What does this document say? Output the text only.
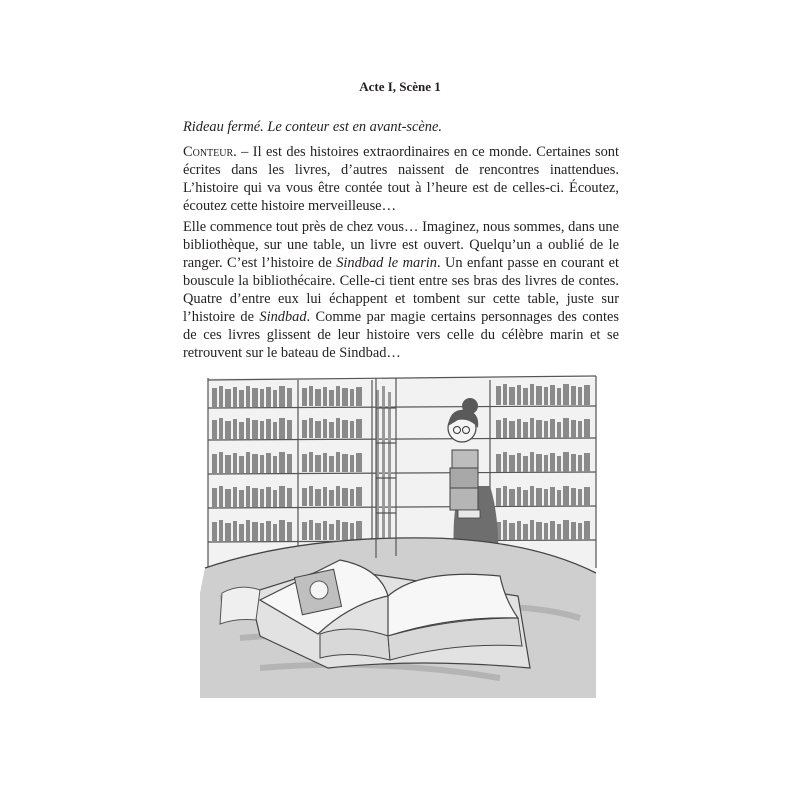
Acte I, Scène 1
Rideau fermé. Le conteur est en avant-scène.
Conteur. – Il est des histoires extraordinaires en ce monde. Certaines sont écrites dans les livres, d’autres naissent de rencontres inattendues. L’histoire qui va vous être contée tout à l’heure est de celles-ci. Écoutez, écoutez cette histoire merveilleuse…
Elle commence tout près de chez vous… Imaginez, nous sommes, dans une bibliothèque, sur une table, un livre est ouvert. Quelqu’un a oublié de le ranger. C’est l’histoire de Sindbad le marin. Un enfant passe en courant et bouscule la bibliothécaire. Celle-ci tient entre ses bras des livres de contes. Quatre d’entre eux lui échappent et tombent sur cette table, juste sur l’histoire de Sindbad. Comme par magie certains personnages des contes de ces livres glissent de leur histoire vers celle du célèbre marin et se retrouvent sur le bateau de Sindbad…
